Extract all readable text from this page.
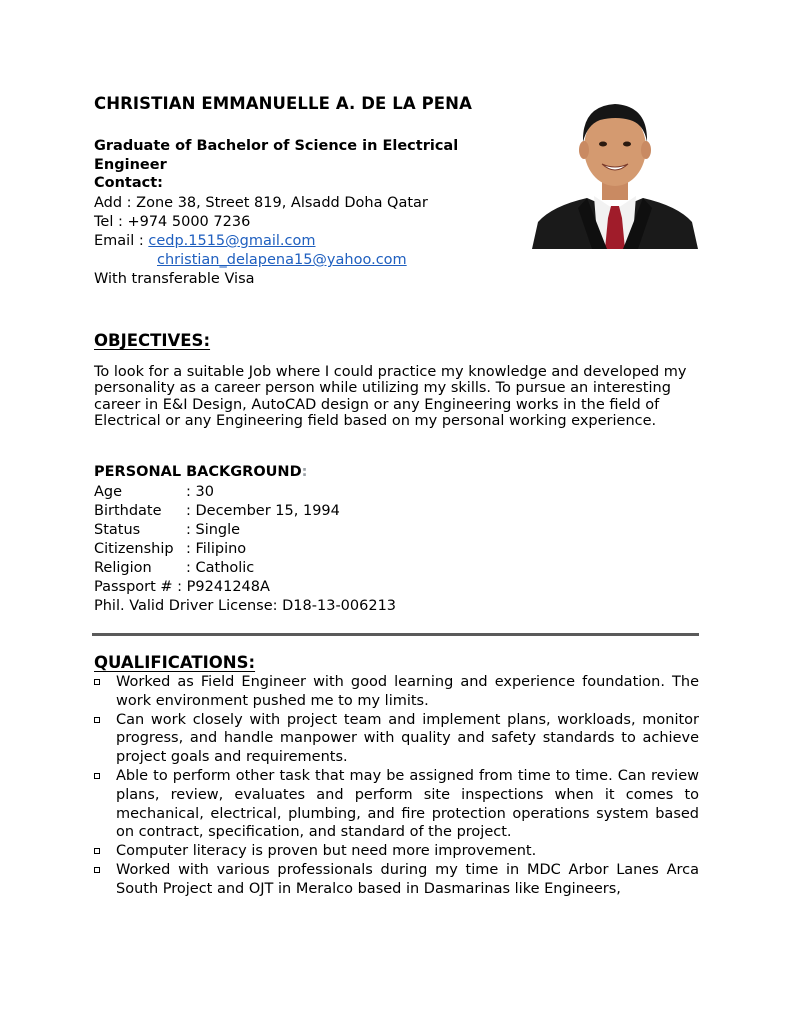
CHRISTIAN EMMANUELLE A. DE LA PENA
Graduate of Bachelor of Science in Electrical Engineer
Contact:
Add : Zone 38, Street 819, Alsadd Doha Qatar
Tel : +974 5000 7236
Email : cedp.1515@gmail.com
christian_delapena15@yahoo.com
With transferable Visa
OBJECTIVES:
To look for a suitable Job where I could practice my knowledge and developed my personality as a career person while utilizing my skills. To pursue an interesting career in E&I Design, AutoCAD design or any Engineering works in the field of Electrical or any Engineering field based on my personal working experience.
PERSONAL BACKGROUND:
Age	: 30
Birthdate : December 15, 1994
Status	: Single
Citizenship : Filipino
Religion : Catholic
Passport # : P9241248A
Phil. Valid Driver License: D18-13-006213
QUALIFICATIONS:
Worked as Field Engineer with good learning and experience foundation. The work environment pushed me to my limits.
Can work closely with project team and implement plans, workloads, monitor progress, and handle manpower with quality and safety standards to achieve project goals and requirements.
Able to perform other task that may be assigned from time to time. Can review plans, review, evaluates and perform site inspections when it comes to mechanical, electrical, plumbing, and fire protection operations system based on contract, specification, and standard of the project.
Computer literacy is proven but need more improvement.
Worked with various professionals during my time in MDC Arbor Lanes Arca South Project and OJT in Meralco based in Dasmarinas like Engineers,
